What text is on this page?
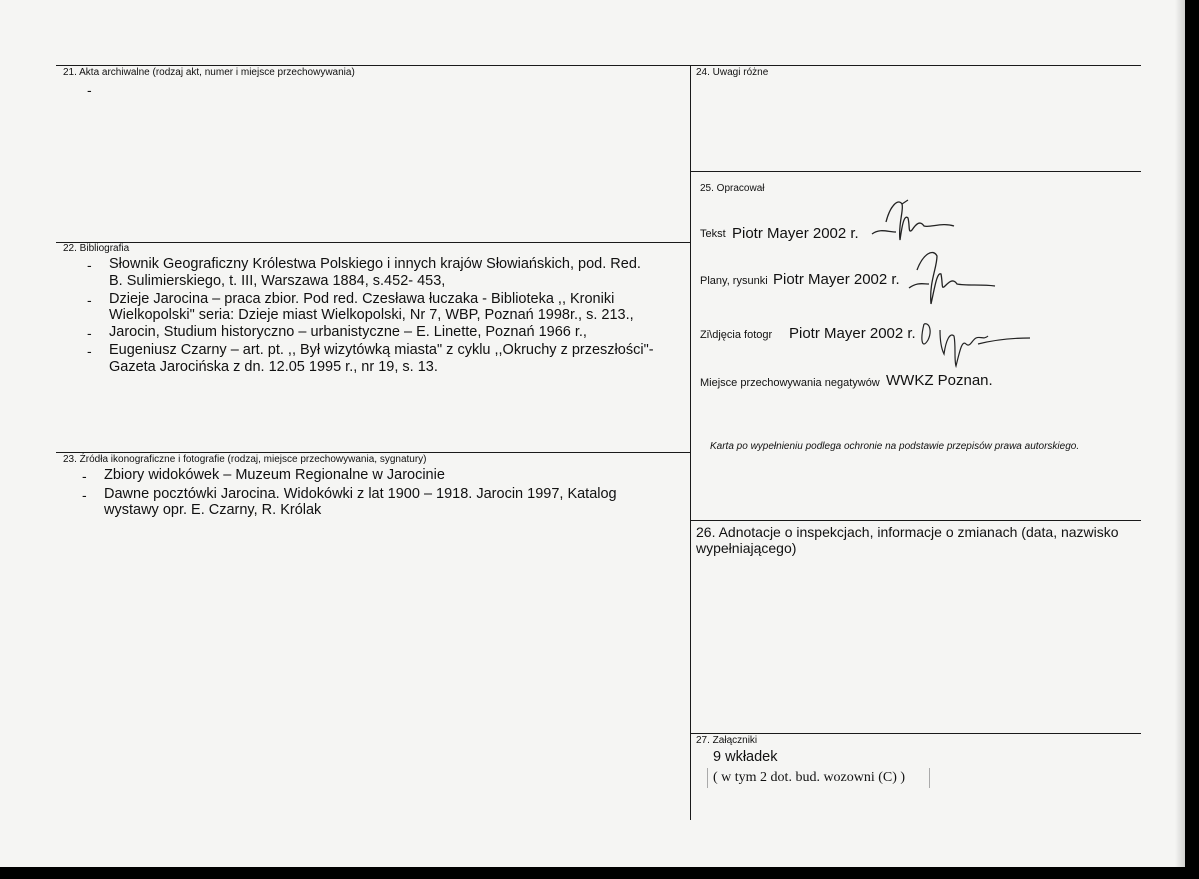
21. Akta archiwalne (rodzaj akt, numer i miejsce przechowywania)
-
22. Bibliografia
- Słownik Geograficzny Królestwa Polskiego i innych krajów Słowiańskich, pod. Red.
B. Sulimierskiego, t. III, Warszawa 1884, s.452- 453,
- Dzieje Jarocina – praca zbior. Pod red. Czesława łuczaka - Biblioteka ,, Kroniki
Wielkopolski" seria: Dzieje miast Wielkopolski, Nr 7, WBP, Poznań 1998r., s. 213.,
- Jarocin, Studium historyczno – urbanistyczne – E. Linette, Poznań 1966 r.,
- Eugeniusz Czarny – art. pt. ,, Był wizytówką miasta" z cyklu ,,Okruchy z przeszłości"-
Gazeta Jarocińska z dn. 12.05 1995 r., nr 19, s. 13.
23. Źródła ikonograficzne i fotografie (rodzaj, miejsce przechowywania, sygnatury)
- Zbiory widokówek – Muzeum Regionalne w Jarocinie
- Dawne pocztówki Jarocina. Widokówki z lat 1900 – 1918. Jarocin 1997, Katalog
wystawy opr. E. Czarny, R. Królak
24. Uwagi różne
25. Opracował
Tekst Piotr Mayer 2002 r.
Plany, rysunki Piotr Mayer 2002 r.
Zi\djęcia fotogr Piotr Mayer 2002 r.
Miejsce przechowywania negatywów WWKZ Poznan.
Karta po wypełnieniu podlega ochronie na podstawie przepisów prawa autorskiego.
26. Adnotacje o inspekcjach, informacje o zmianach (data, nazwisko
wypełniającego)
27. Załączniki
9 wkładek
( w tym 2 dot. bud. wozowni (C) )
